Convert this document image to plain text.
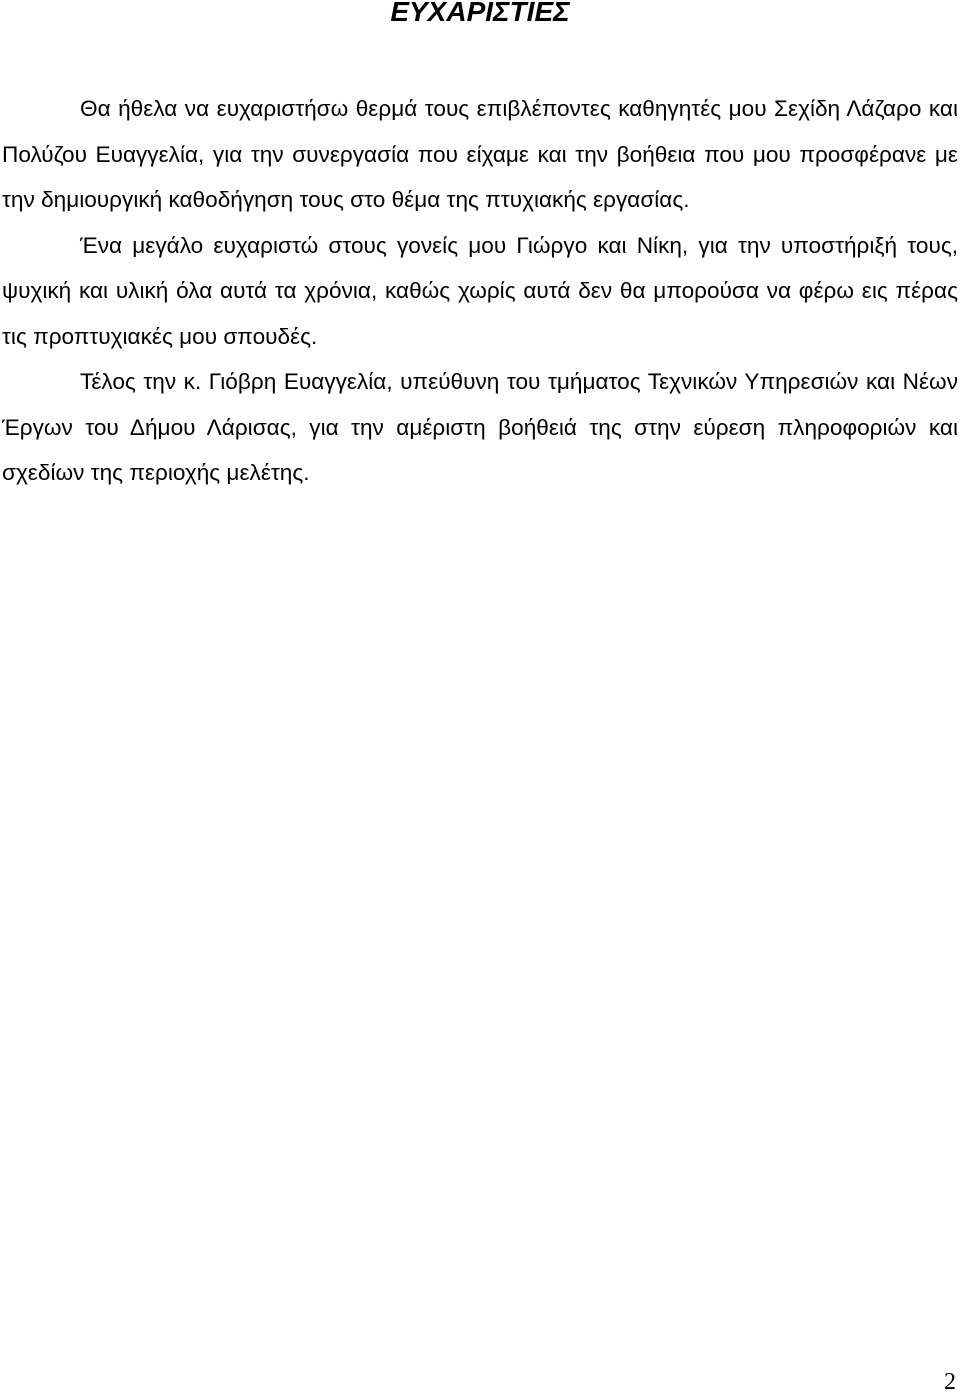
ΕΥΧΑΡΙΣΤΙΕΣ

Θα ήθελα να ευχαριστήσω θερμά τους επιβλέποντες καθηγητές μου Σεχίδη Λάζαρο και Πολύζου Ευαγγελία, για την συνεργασία που είχαμε και την βοήθεια που μου προσφέρανε με την δημιουργική καθοδήγηση τους στο θέμα της πτυχιακής εργασίας.

Ένα μεγάλο ευχαριστώ στους γονείς μου Γιώργο και Νίκη, για την υποστήριξή τους, ψυχική και υλική όλα αυτά τα χρόνια, καθώς χωρίς αυτά δεν θα μπορούσα να φέρω εις πέρας τις προπτυχιακές μου σπουδές.

Τέλος την κ. Γιόβρη Ευαγγελία, υπεύθυνη του τμήματος Τεχνικών Υπηρεσιών και Νέων Έργων του Δήμου Λάρισας, για την αμέριστη βοήθειά της στην εύρεση πληροφοριών και σχεδίων της περιοχής μελέτης.

2
